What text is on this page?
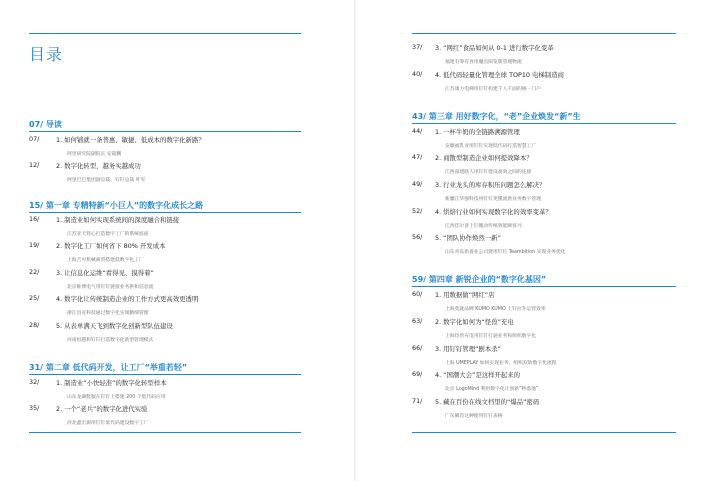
目录
07/ 导读
07/	1. 如何铺就一条普惠、敏捷、低成本的数字化新路？
阿里研究院副院长 安筱鹏
12/	2. 数字化转型，越务实越成功
阿里巴巴集团副总裁、钉钉总裁 叶军
15/ 第一章 专精特新“小巨人”的数字化成长之路
16/	1. 制造业如何实现系统间的深度融合和链接
江苏亚天铁心打造数字工厂的系统底座
19/	2. 数字化工厂如何省下 80% 开发成本
上海吉可机械商贸搭建低数字化工厂
22/	3. 让信息化运维“看得见、摸得着”
北京维博电气用钉钉链接业务供和信息流
25/	4. 数字化让传统制造企业的工作方式更高效更透明
浙江昌克科技通过数字化实现精细管理
28/	5. 从表单满天飞到数字化创新型队伍建设
河南恒越和钉钉打造数字化新型管理模式
31/ 第二章 低代码开发，让工厂“举重若轻”
32/	1. 制造业“小快轻准”的数字化转型样本
山东龙湖鞋服在钉钉上搭建 200 个低代码应用
35/	2. 一个“老兵”的数字化进代实验
河北鑫宏源用钉钉低代码建设数字工厂
37/ 3. “网红”食品如何从 0-1 进行数字化变革
福建有零有食用魔点阅览版管理物流
40/ 4. 低代码轻量化管理全球 TOP10 电梯制造商
江苏康力电梯用钉钉构建千人千面的统一门户
43/ 第三章 用好数字化，“老”企业焕发“新”生
44/ 1. 一杯牛奶的全链路溯源管理
安徽福乳业用钉钉实现低代码打造智慧工厂
47/ 2. 商散型制造企业如何提效降本？
江西南建联人用钉钉建设高效之间的连接
49/ 3. 行业龙头的库存积压问题怎么解决？
新疆江华强科技用钉钉更懂流供业务数字管理
52/ 4. 烘焙行业如何实现数字化的效率变革？
江西佳尔普上钉搬动传统效能顾客兴
56/ 5. “团队协作焕然一新”
山东青岛新备业公司建用钉钉 Teambition 实现业务优化
59/ 第四章 新锐企业的“数字化基因”
60/ 1. 用数据做“网红”店
上海莫就品牌 KUMO KUMO 上钉拉升运营效率
63/ 2. 数字化如何为“怪兽”充电
上海怪兽充电用钉钉打通业务和组织数字化
66/ 3. 用钉钉管理“剧本杀”
上海 UMEPLAY 如何实现业务、组织双轨数字化流程
69/ 4. “国潮大会”是这样开起来的
北京 LogoMind 利用数字化让创新“秒落地”
71/ 5. 藏在百份在线文档里的“爆品”密码
广东佩肖这种使用钉钉表格
